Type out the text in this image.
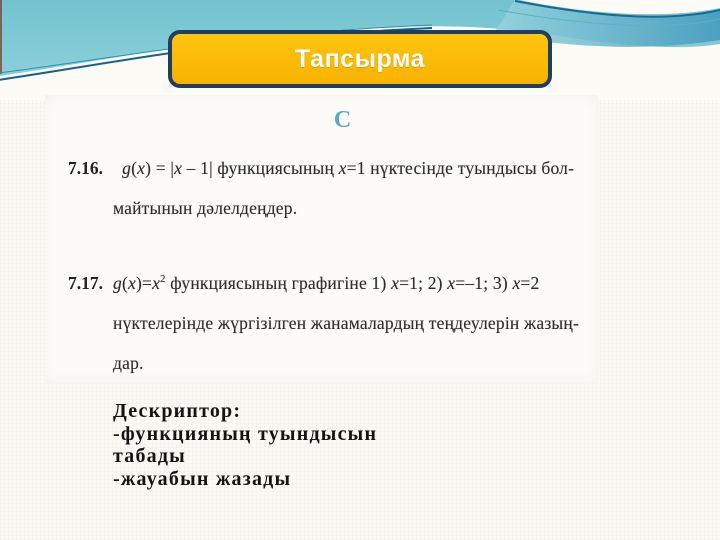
Тапсырма
C
7.16.	g(x) = |x – 1| функциясының x=1 нүктесінде туындысы бол-
майтынын дәлелдеңдер.
7.17. $g(x)=x^2$ функциясының графигіне 1) x=1; 2) x=–1; 3) x=2
нүктелерінде жүргізілген жанамалардың теңдеулерін жазың-
дар.
Дескриптор:
-функцияның туындысын
табады
-жауабын жазады
